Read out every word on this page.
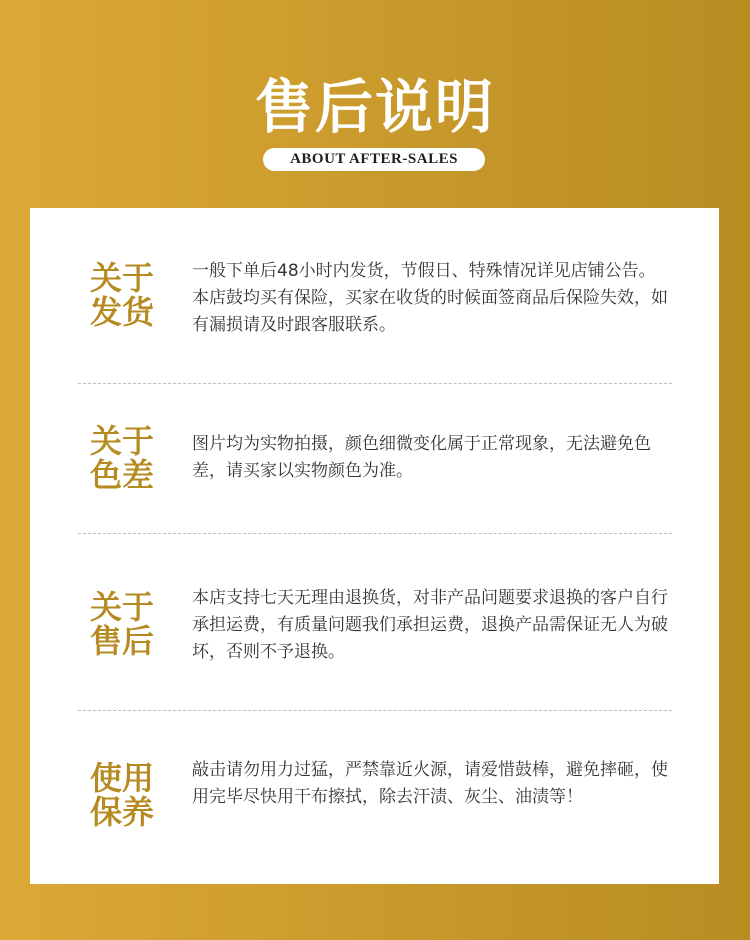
售后说明
ABOUT AFTER-SALES
关于
发货
一般下单后48小时内发货，节假日、特殊情况详见店铺公告。本店鼓均买有保险，买家在收货的时候面签商品后保险失效，如有漏损请及时跟客服联系。
关于
色差
图片均为实物拍摄，颜色细微变化属于正常现象，无法避免色差，请买家以实物颜色为准。
关于
售后
本店支持七天无理由退换货，对非产品问题要求退换的客户自行承担运费，有质量问题我们承担运费，退换产品需保证无人为破坏，否则不予退换。
使用
保养
敲击请勿用力过猛，严禁靠近火源，请爱惜鼓棒，避免摔砸，使用完毕尽快用干布擦拭，除去汗渍、灰尘、油渍等！
